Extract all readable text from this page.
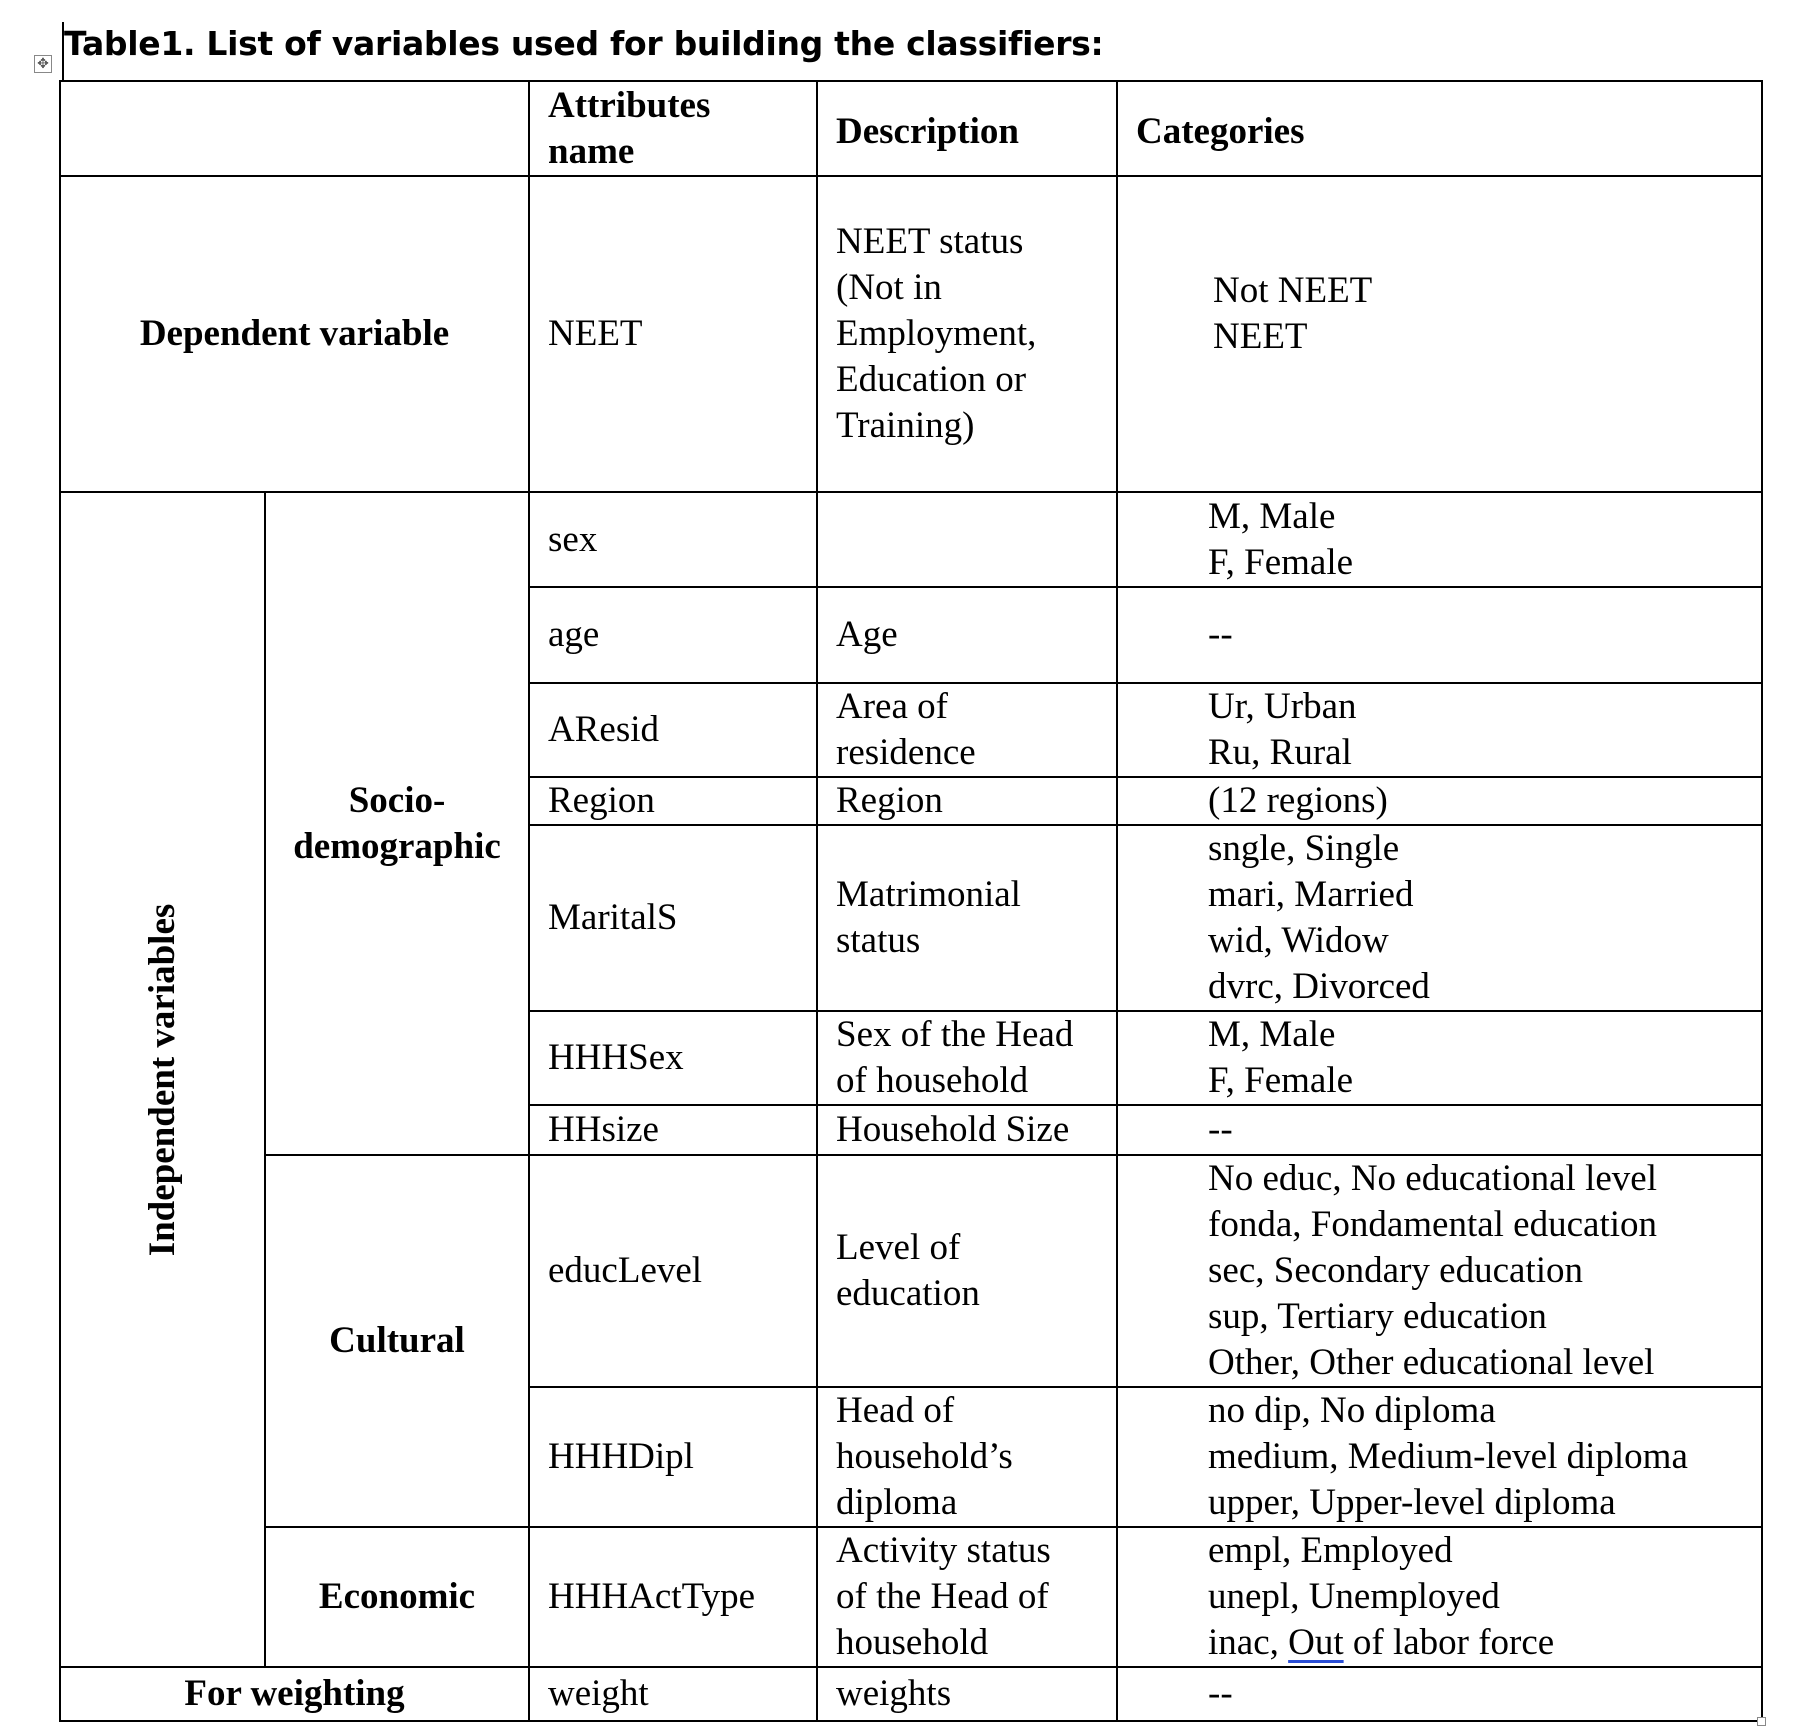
✥
Table1. List of variables used for building the classifiers:

		Attributes
name	Description	Categories
Dependent variable		NEET	NEET status
(Not in
Employment,
Education or
Training)	Not NEET
NEET

Independent variables	Socio-
demographic	sex		M, Male
F, Female

		age	Age	--
		AResid	Area of
residence	Ur, Urban
Ru, Rural

		Region	Region	(12 regions)
		MaritalS	Matrimonial
status	sngle, Single
mari, Married
wid, Widow
dvrc, Divorced

		HHHSex	Sex of the Head
of household	M, Male
F, Female

		HHsize	Household Size	--
	Cultural	educLevel	Level of
education	No educ, No educational level
fonda, Fondamental education
sec, Secondary education
sup, Tertiary education
Other, Other educational level

		HHHDipl	Head of
household’s
diploma	no dip, No diploma
medium, Medium-level diploma
upper, Upper-level diploma

	Economic	HHHActType	Activity status
of the Head of
household	empl, Employed
unepl, Unemployed
inac, Out of labor force

For weighting		weight	weights	--
